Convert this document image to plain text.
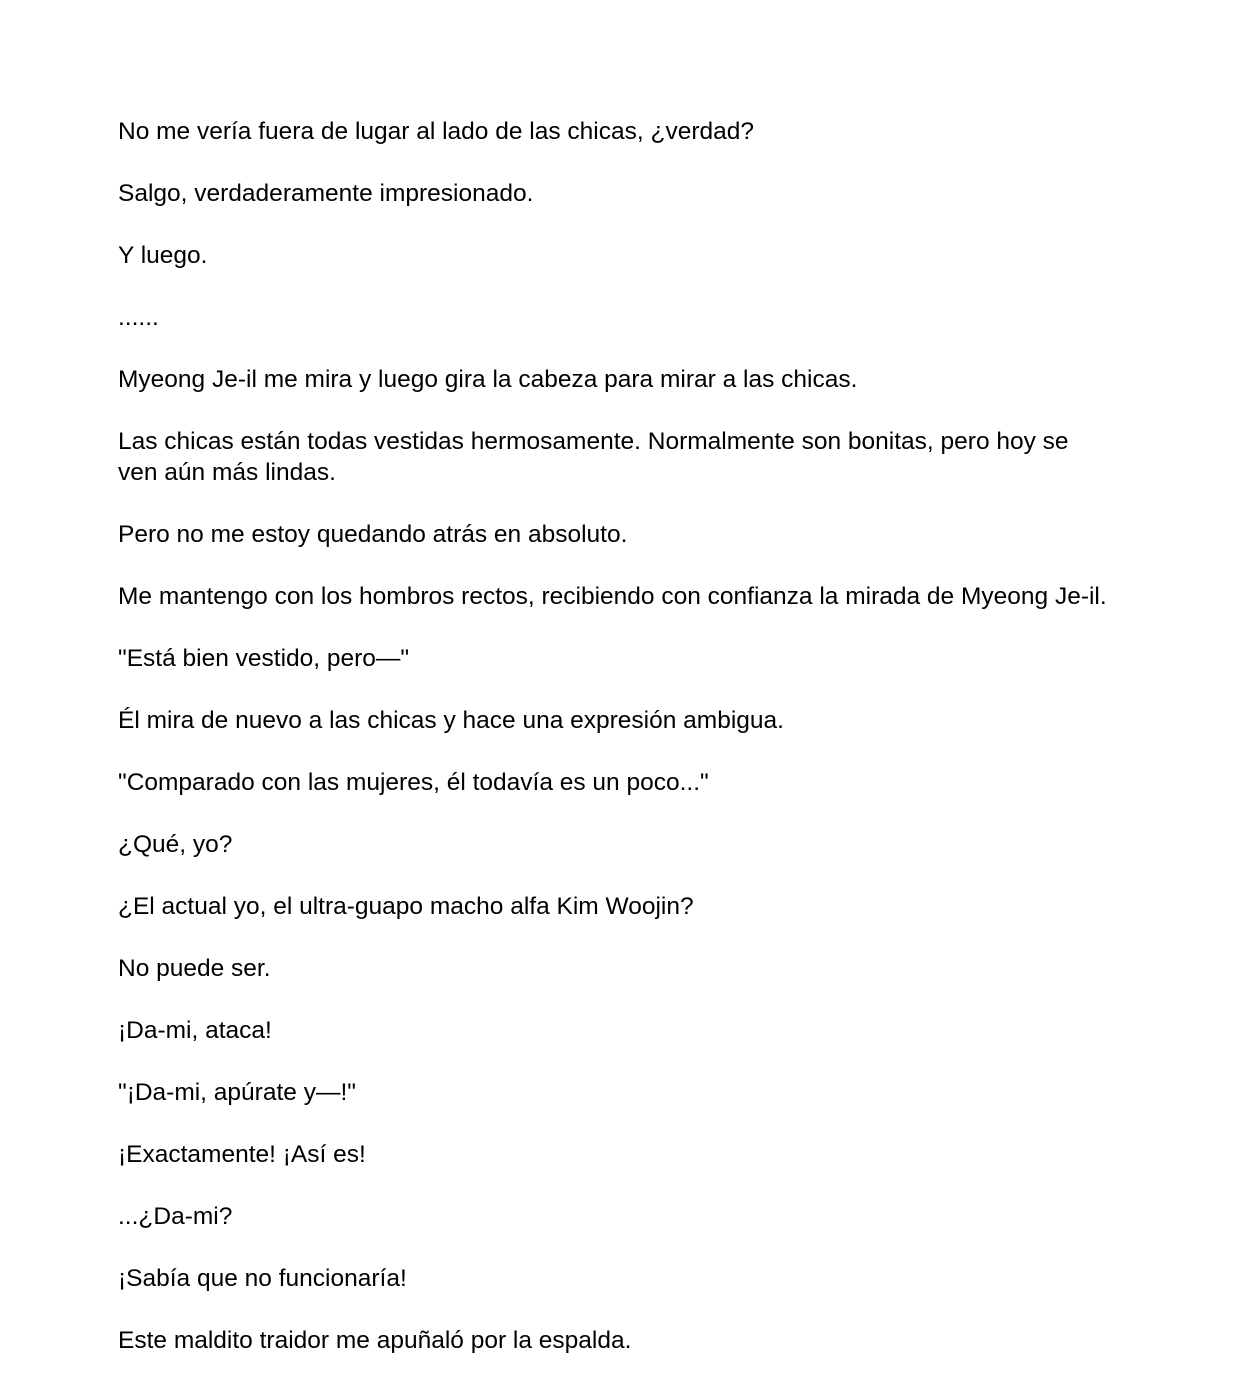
No me vería fuera de lugar al lado de las chicas, ¿verdad?

Salgo, verdaderamente impresionado.

Y luego.

......

Myeong Je-il me mira y luego gira la cabeza para mirar a las chicas.

Las chicas están todas vestidas hermosamente. Normalmente son bonitas, pero hoy se ven aún más lindas.

Pero no me estoy quedando atrás en absoluto.

Me mantengo con los hombros rectos, recibiendo con confianza la mirada de Myeong Je-il.

"Está bien vestido, pero—"

Él mira de nuevo a las chicas y hace una expresión ambigua.

"Comparado con las mujeres, él todavía es un poco..."

¿Qué, yo?

¿El actual yo, el ultra-guapo macho alfa Kim Woojin?

No puede ser.

¡Da-mi, ataca!

"¡Da-mi, apúrate y—!"

¡Exactamente! ¡Así es!

...¿Da-mi?

¡Sabía que no funcionaría!

Este maldito traidor me apuñaló por la espalda.
